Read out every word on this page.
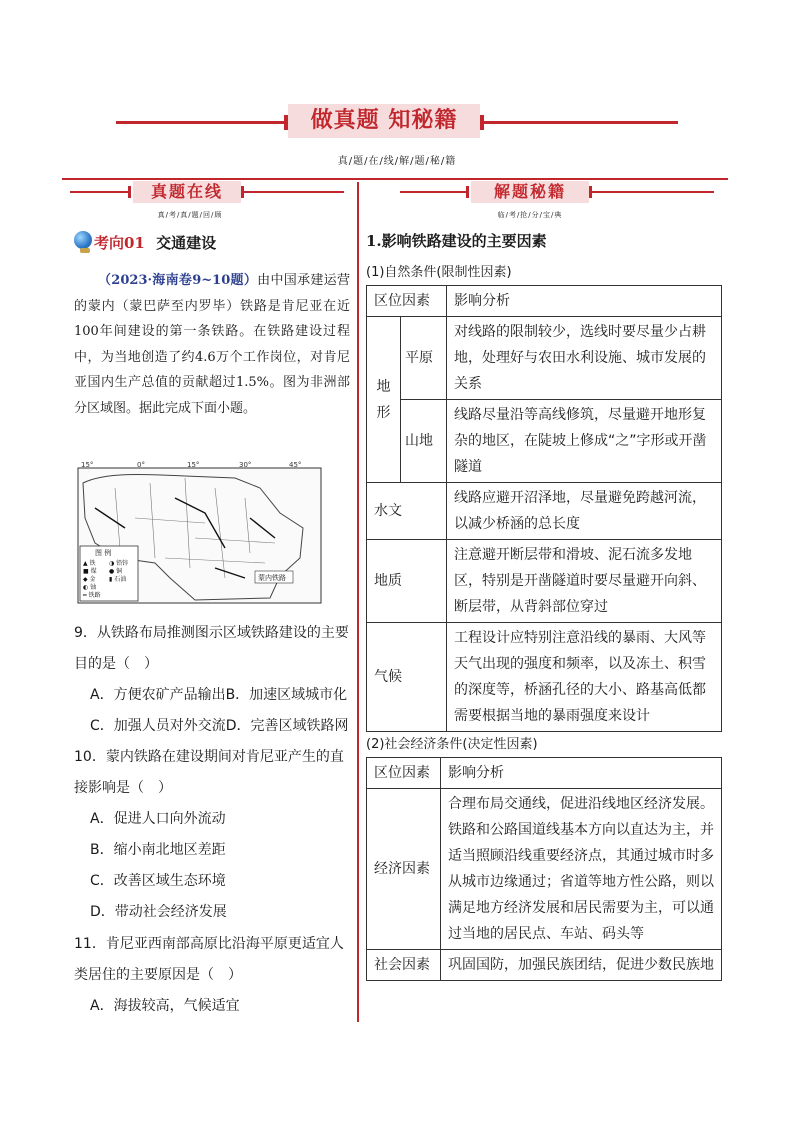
做真题 知秘籍
真/题/在/线/解/题/秘/籍
真题在线
真/考/真/题/回/顾
考向01 交通建设
（2023·海南卷9~10题）由中国承建运营的蒙内（蒙巴萨至内罗毕）铁路是肯尼亚在近100年间建设的第一条铁路。在铁路建设过程中，为当地创造了约4.6万个工作岗位，对肯尼亚国内生产总值的贡献超过1.5%。图为非洲部分区域图。据此完成下面小题。
15°	0°	15°	30°	45°
图 例
▲ 铁
■ 煤
◆ 金
◐ 铀
◑ 铅锌
● 铜
▮ 石油
━ 铁路
蒙内铁路
9．从铁路布局推测图示区域铁路建设的主要目的是（　）
A．方便农矿产品输出B．加速区域城市化
C．加强人员对外交流D．完善区域铁路网
10．蒙内铁路在建设期间对肯尼亚产生的直接影响是（　）
A．促进人口向外流动
B．缩小南北地区差距
C．改善区域生态环境
D．带动社会经济发展
11．肯尼亚西南部高原比沿海平原更适宜人类居住的主要原因是（　）
A．海拔较高，气候适宜
解题秘籍
临/考/抢/分/宝/典
1.影响铁路建设的主要因素
(1)自然条件(限制性因素)
区位因素		影响分析
地
形	平原	对线路的限制较少，选线时要尽量少占耕地，处理好与农田水利设施、城市发展的关系
	山地	线路尽量沿等高线修筑，尽量避开地形复杂的地区，在陡坡上修成“之”字形或开凿隧道
水文		线路应避开沼泽地，尽量避免跨越河流，以减少桥涵的总长度
地质		注意避开断层带和滑坡、泥石流多发地区，特别是开凿隧道时要尽量避开向斜、断层带，从背斜部位穿过
气候		工程设计应特别注意沿线的暴雨、大风等天气出现的强度和频率，以及冻土、积雪的深度等，桥涵孔径的大小、路基高低都需要根据当地的暴雨强度来设计
(2)社会经济条件(决定性因素)
区位因素	影响分析
经济因素	合理布局交通线，促进沿线地区经济发展。铁路和公路国道线基本方向以直达为主，并适当照顾沿线重要经济点，其通过城市时多从城市边缘通过；省道等地方性公路，则以满足地方经济发展和居民需要为主，可以通过当地的居民点、车站、码头等
社会因素	巩固国防，加强民族团结，促进少数民族地
